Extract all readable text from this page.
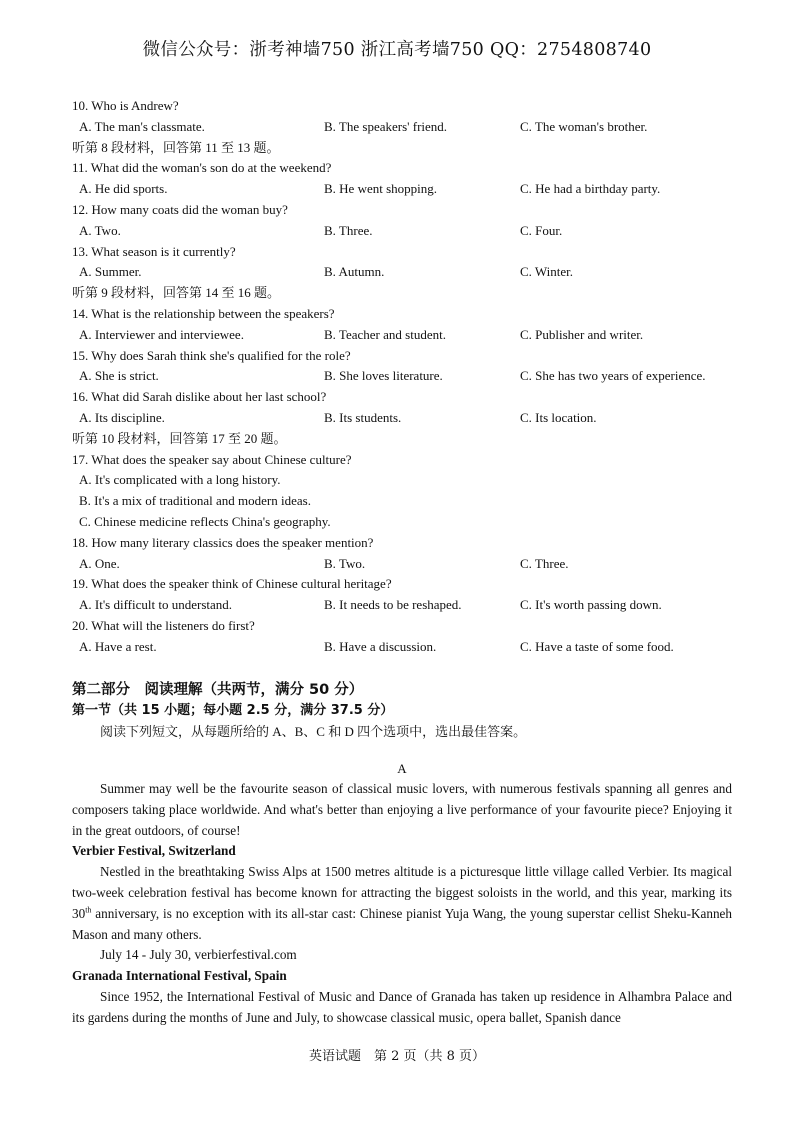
微信公众号：浙考神墙750 浙江高考墙750 QQ：2754808740
10. Who is Andrew?
A. The man's classmate.	B. The speakers' friend.	C. The woman's brother.
听第 8 段材料，回答第 11 至 13 题。
11. What did the woman's son do at the weekend?
A. He did sports.	B. He went shopping.	C. He had a birthday party.
12. How many coats did the woman buy?
A. Two.	B. Three.	C. Four.
13. What season is it currently?
A. Summer.	B. Autumn.	C. Winter.
听第 9 段材料，回答第 14 至 16 题。
14. What is the relationship between the speakers?
A. Interviewer and interviewee.	B. Teacher and student.	C. Publisher and writer.
15. Why does Sarah think she's qualified for the role?
A. She is strict.	B. She loves literature.	C. She has two years of experience.
16. What did Sarah dislike about her last school?
A. Its discipline.	B. Its students.	C. Its location.
听第 10 段材料，回答第 17 至 20 题。
17. What does the speaker say about Chinese culture?
A. It's complicated with a long history.
B. It's a mix of traditional and modern ideas.
C. Chinese medicine reflects China's geography.
18. How many literary classics does the speaker mention?
A. One.	B. Two.	C. Three.
19. What does the speaker think of Chinese cultural heritage?
A. It's difficult to understand.	B. It needs to be reshaped.	C. It's worth passing down.
20. What will the listeners do first?
A. Have a rest.	B. Have a discussion.	C. Have a taste of some food.
第二部分　阅读理解（共两节，满分 50 分）
第一节（共 15 小题；每小题 2.5 分，满分 37.5 分）
阅读下列短文，从每题所给的 A、B、C 和 D 四个选项中，选出最佳答案。
A

Summer may well be the favourite season of classical music lovers, with numerous festivals spanning all genres and composers taking place worldwide. And what's better than enjoying a live performance of your favourite piece? Enjoying it in the great outdoors, of course!

Verbier Festival, Switzerland

Nestled in the breathtaking Swiss Alps at 1500 metres altitude is a picturesque little village called Verbier. Its magical two-week celebration festival has become known for attracting the biggest soloists in the world, and this year, marking its 30th anniversary, is no exception with its all-star cast: Chinese pianist Yuja Wang, the young superstar cellist Sheku-Kanneh Mason and many others.

July 14 - July 30, verbierfestival.com
Granada International Festival, Spain

Since 1952, the International Festival of Music and Dance of Granada has taken up residence in Alhambra Palace and its gardens during the months of June and July, to showcase classical music, opera ballet, Spanish dance

英语试题　第 2 页（共 8 页）
